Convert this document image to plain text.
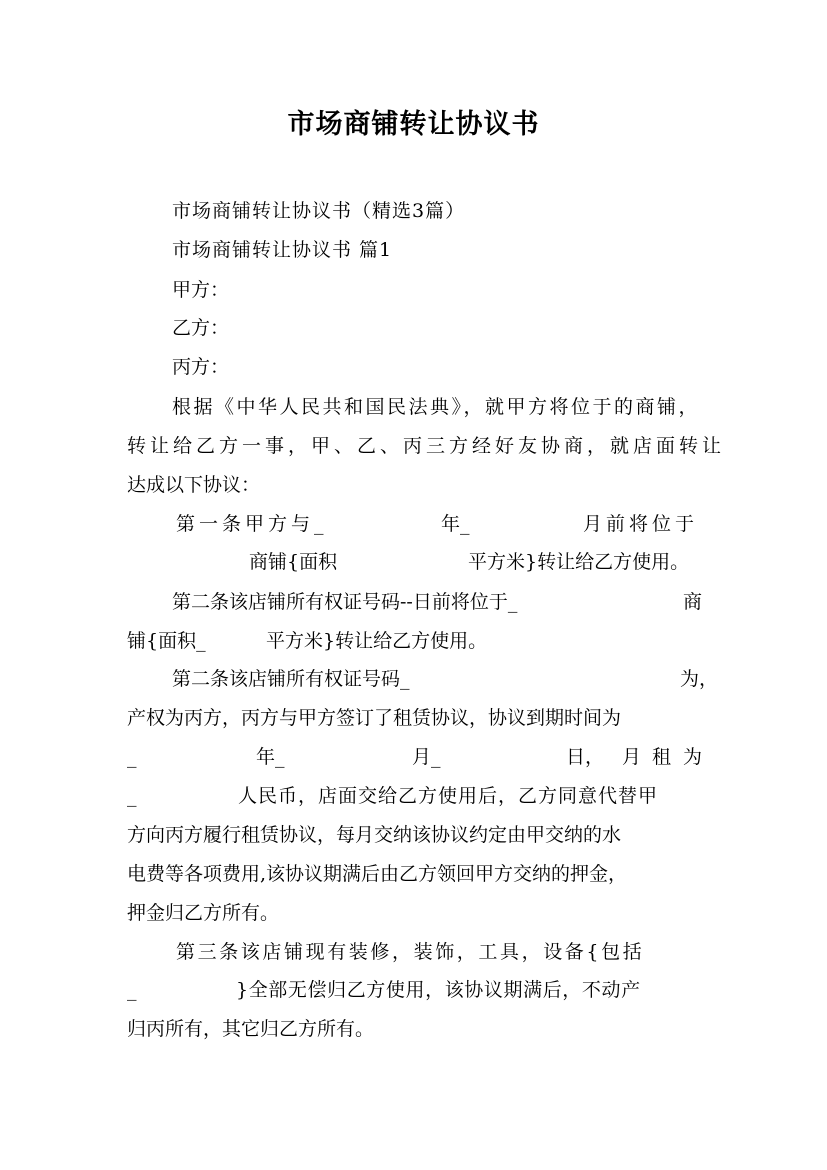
市场商铺转让协议书
市场商铺转让协议书（精选3篇）
市场商铺转让协议书 篇1
甲方：
乙方：
丙方：
根据《中华人民共和国民法典》，就甲方将位于的商铺，
转让给乙方一事，甲、乙、丙三方经好友协商，就店面转让
达成以下协议：
第一条甲方与_	年_	月前将位于
商铺{面积	平方米}转让给乙方使用。
第二条该店铺所有权证号码--日前将位于_	商
铺{面积_          平方米}转让给乙方使用。
第二条该店铺所有权证号码_	为，
产权为丙方，丙方与甲方签订了租赁协议，协议到期时间为
_	年_	月_	日， 月 租 为
_	人民币，店面交给乙方使用后，乙方同意代替甲
方向丙方履行租赁协议，每月交纳该协议约定由甲交纳的水
电费等各项费用,该协议期满后由乙方领回甲方交纳的押金，
押金归乙方所有。
第三条该店铺现有装修，装饰，工具，设备{包括
_	}全部无偿归乙方使用，该协议期满后，不动产
归丙所有，其它归乙方所有。
